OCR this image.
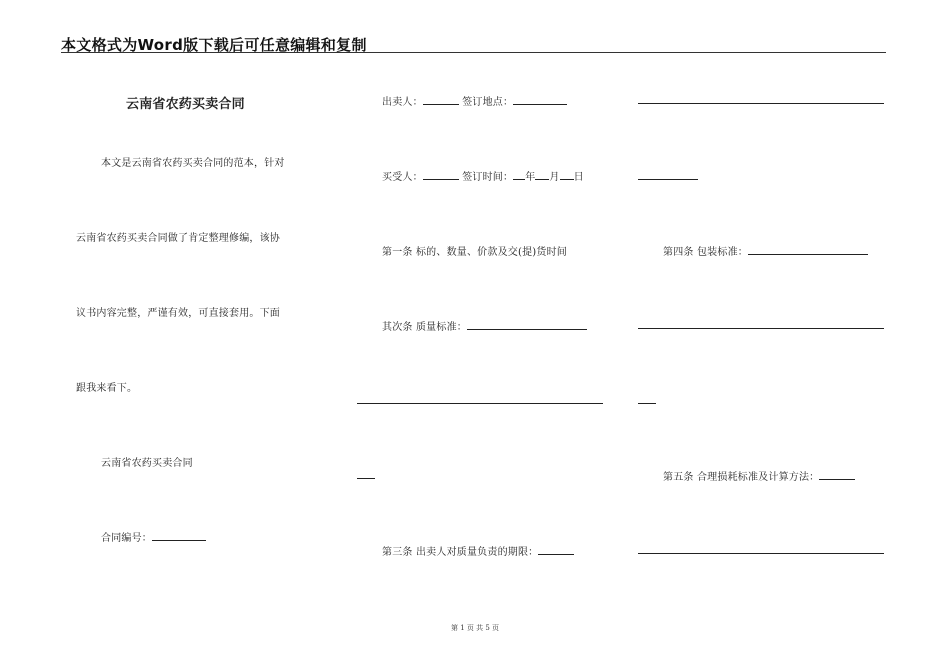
本文格式为Word版下载后可任意编辑和复制
云南省农药买卖合同
本文是云南省农药买卖合同的范本，针对
云南省农药买卖合同做了肯定整理修编，该协
议书内容完整，严谨有效，可直接套用。下面
跟我来看下。
云南省农药买卖合同
合同编号：
出卖人：	签订地点：
买受人：	签订时间： 年 月 日
第一条 标的、数量、价款及交(提)货时间
其次条 质量标准：
第三条 出卖人对质量负责的期限：
第四条 包装标准：
第五条 合理损耗标准及计算方法：
第 1 页 共 5 页
